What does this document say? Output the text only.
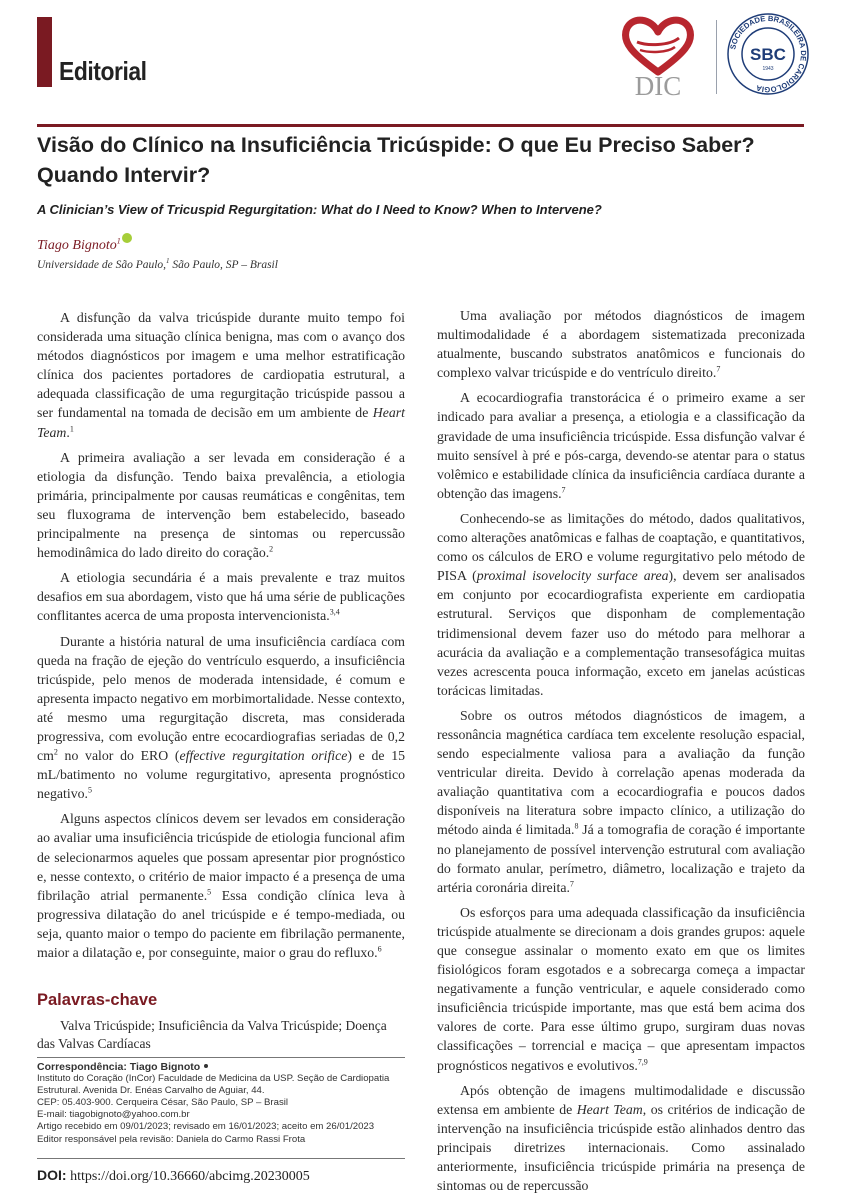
Editorial	DIC
SOCIEDADE BRASILEIRA DE CARDIOLOGIA
SBC
1943
Visão do Clínico na Insuficiência Tricúspide: O que Eu Preciso Saber? Quando Intervir?
A Clinician’s View of Tricuspid Regurgitation: What do I Need to Know? When to Intervene?
Tiago Bignoto$^1$
Universidade de São Paulo,$^1$ São Paulo, SP – Brasil

A disfunção da valva tricúspide durante muito tempo foi considerada uma situação clínica benigna, mas com o avanço dos métodos diagnósticos por imagem e uma melhor estratificação clínica dos pacientes portadores de cardiopatia estrutural, a adequada classificação de uma regurgitação tricúspide passou a ser fundamental na tomada de decisão em um ambiente de Heart Team.$^1$

A primeira avaliação a ser levada em consideração é a etiologia da disfunção. Tendo baixa prevalência, a etiologia primária, principalmente por causas reumáticas e congênitas, tem seu fluxograma de intervenção bem estabelecido, baseado principalmente na presença de sintomas ou repercussão hemodinâmica do lado direito do coração.$^2$

A etiologia secundária é a mais prevalente e traz muitos desafios em sua abordagem, visto que há uma série de publicações conflitantes acerca de uma proposta intervencionista.$^{3,4}$

Durante a história natural de uma insuficiência cardíaca com queda na fração de ejeção do ventrículo esquerdo, a insuficiência tricúspide, pelo menos de moderada intensidade, é comum e apresenta impacto negativo em morbimortalidade. Nesse contexto, até mesmo uma regurgitação discreta, mas considerada progressiva, com evolução entre ecocardiografias seriadas de 0,2 $cm^2$ no valor do ERO (effective regurgitation orifice) e de 15 mL/batimento no volume regurgitativo, apresenta prognóstico negativo.$^5$

Alguns aspectos clínicos devem ser levados em consideração ao avaliar uma insuficiência tricúspide de etiologia funcional afim de selecionarmos aqueles que possam apresentar pior prognóstico e, nesse contexto, o critério de maior impacto é a presença de uma fibrilação atrial permanente.$^5$ Essa condição clínica leva à progressiva dilatação do anel tricúspide e é tempo-mediada, ou seja, quanto maior o tempo do paciente em fibrilação permanente, maior a dilatação e, por conseguinte, maior o grau do refluxo.$^6$

Palavras-chave
Valva Tricúspide; Insuficiência da Valva Tricúspide; Doença das Valvas Cardíacas
Correspondência: Tiago Bignoto
Instituto do Coração (InCor) Faculdade de Medicina da USP. Seção de Cardiopatia Estrutural. Avenida Dr. Enéas Carvalho de Aguiar, 44.
CEP: 05.403-900. Cerqueira César, São Paulo, SP – Brasil
E-mail: tiagobignoto@yahoo.com.br
Artigo recebido em 09/01/2023; revisado em 16/01/2023; aceito em 26/01/2023
Editor responsável pela revisão: Daniela do Carmo Rassi Frota
DOI: https://doi.org/10.36660/abcimg.20230005

Uma avaliação por métodos diagnósticos de imagem multimodalidade é a abordagem sistematizada preconizada atualmente, buscando substratos anatômicos e funcionais do complexo valvar tricúspide e do ventrículo direito.$^7$

A ecocardiografia transtorácica é o primeiro exame a ser indicado para avaliar a presença, a etiologia e a classificação da gravidade de uma insuficiência tricúspide. Essa disfunção valvar é muito sensível à pré e pós-carga, devendo-se atentar para o status volêmico e estabilidade clínica da insuficiência cardíaca durante a obtenção das imagens.$^7$

Conhecendo-se as limitações do método, dados qualitativos, como alterações anatômicas e falhas de coaptação, e quantitativos, como os cálculos de ERO e volume regurgitativo pelo método de PISA (proximal isovelocity surface area), devem ser analisados em conjunto por ecocardiografista experiente em cardiopatia estrutural. Serviços que disponham de complementação tridimensional devem fazer uso do método para melhorar a acurácia da avaliação e a complementação transesofágica muitas vezes acrescenta pouca informação, exceto em janelas acústicas torácicas limitadas.

Sobre os outros métodos diagnósticos de imagem, a ressonância magnética cardíaca tem excelente resolução espacial, sendo especialmente valiosa para a avaliação da função ventricular direita. Devido à correlação apenas moderada da avaliação quantitativa com a ecocardiografia e poucos dados disponíveis na literatura sobre impacto clínico, a utilização do método ainda é limitada.$^8$ Já a tomografia de coração é importante no planejamento de possível intervenção estrutural com avaliação do formato anular, perímetro, diâmetro, localização e trajeto da artéria coronária direita.$^7$

Os esforços para uma adequada classificação da insuficiência tricúspide atualmente se direcionam a dois grandes grupos: aquele que consegue assinalar o momento exato em que os limites fisiológicos foram esgotados e a sobrecarga começa a impactar negativamente a função ventricular, e aquele considerado como insuficiência tricúspide importante, mas que está bem acima dos valores de corte. Para esse último grupo, surgiram duas novas classificações – torrencial e maciça – que apresentam impactos prognósticos negativos e evolutivos.$^{7,9}$

Após obtenção de imagens multimodalidade e discussão extensa em ambiente de Heart Team, os critérios de indicação de intervenção na insuficiência tricúspide estão alinhados dentro das principais diretrizes internacionais. Como assinalado anteriormente, insuficiência tricúspide primária na presença de sintomas ou de repercussão
